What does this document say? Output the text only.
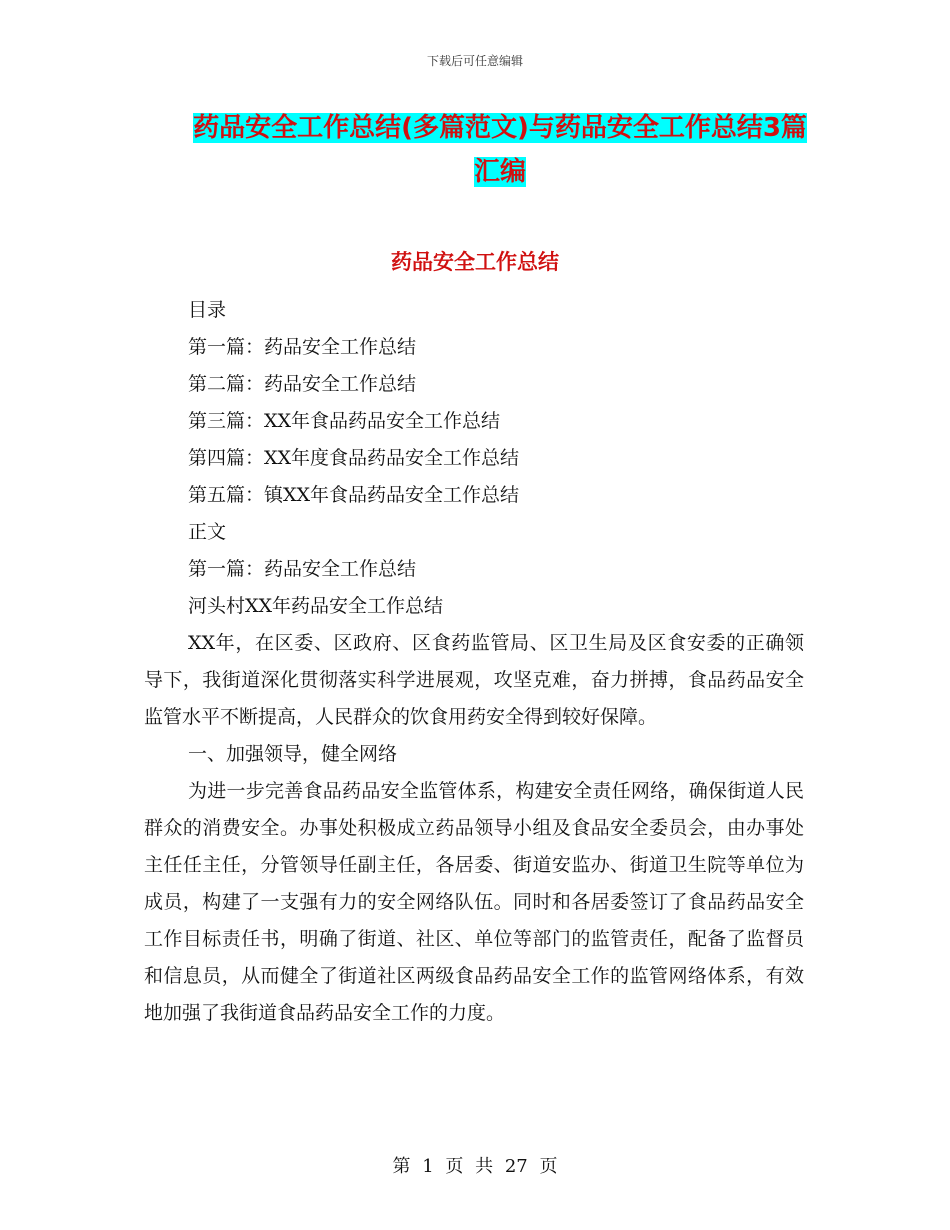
下载后可任意编辑
药品安全工作总结(多篇范文)与药品安全工作总结3篇汇编
药品安全工作总结

目录

第一篇：药品安全工作总结

第二篇：药品安全工作总结

第三篇：XX年食品药品安全工作总结

第四篇：XX年度食品药品安全工作总结

第五篇：镇XX年食品药品安全工作总结

正文

第一篇：药品安全工作总结

河头村XX年药品安全工作总结

XX年，在区委、区政府、区食药监管局、区卫生局及区食安委的正确领导下，我街道深化贯彻落实科学进展观，攻坚克难，奋力拼搏，食品药品安全监管水平不断提高，人民群众的饮食用药安全得到较好保障。

一、加强领导，健全网络

为进一步完善食品药品安全监管体系，构建安全责任网络，确保街道人民群众的消费安全。办事处积极成立药品领导小组及食品安全委员会，由办事处主任任主任，分管领导任副主任，各居委、街道安监办、街道卫生院等单位为成员，构建了一支强有力的安全网络队伍。同时和各居委签订了食品药品安全工作目标责任书，明确了街道、社区、单位等部门的监管责任，配备了监督员和信息员，从而健全了街道社区两级食品药品安全工作的监管网络体系，有效地加强了我街道食品药品安全工作的力度。

第 1 页 共 27 页
